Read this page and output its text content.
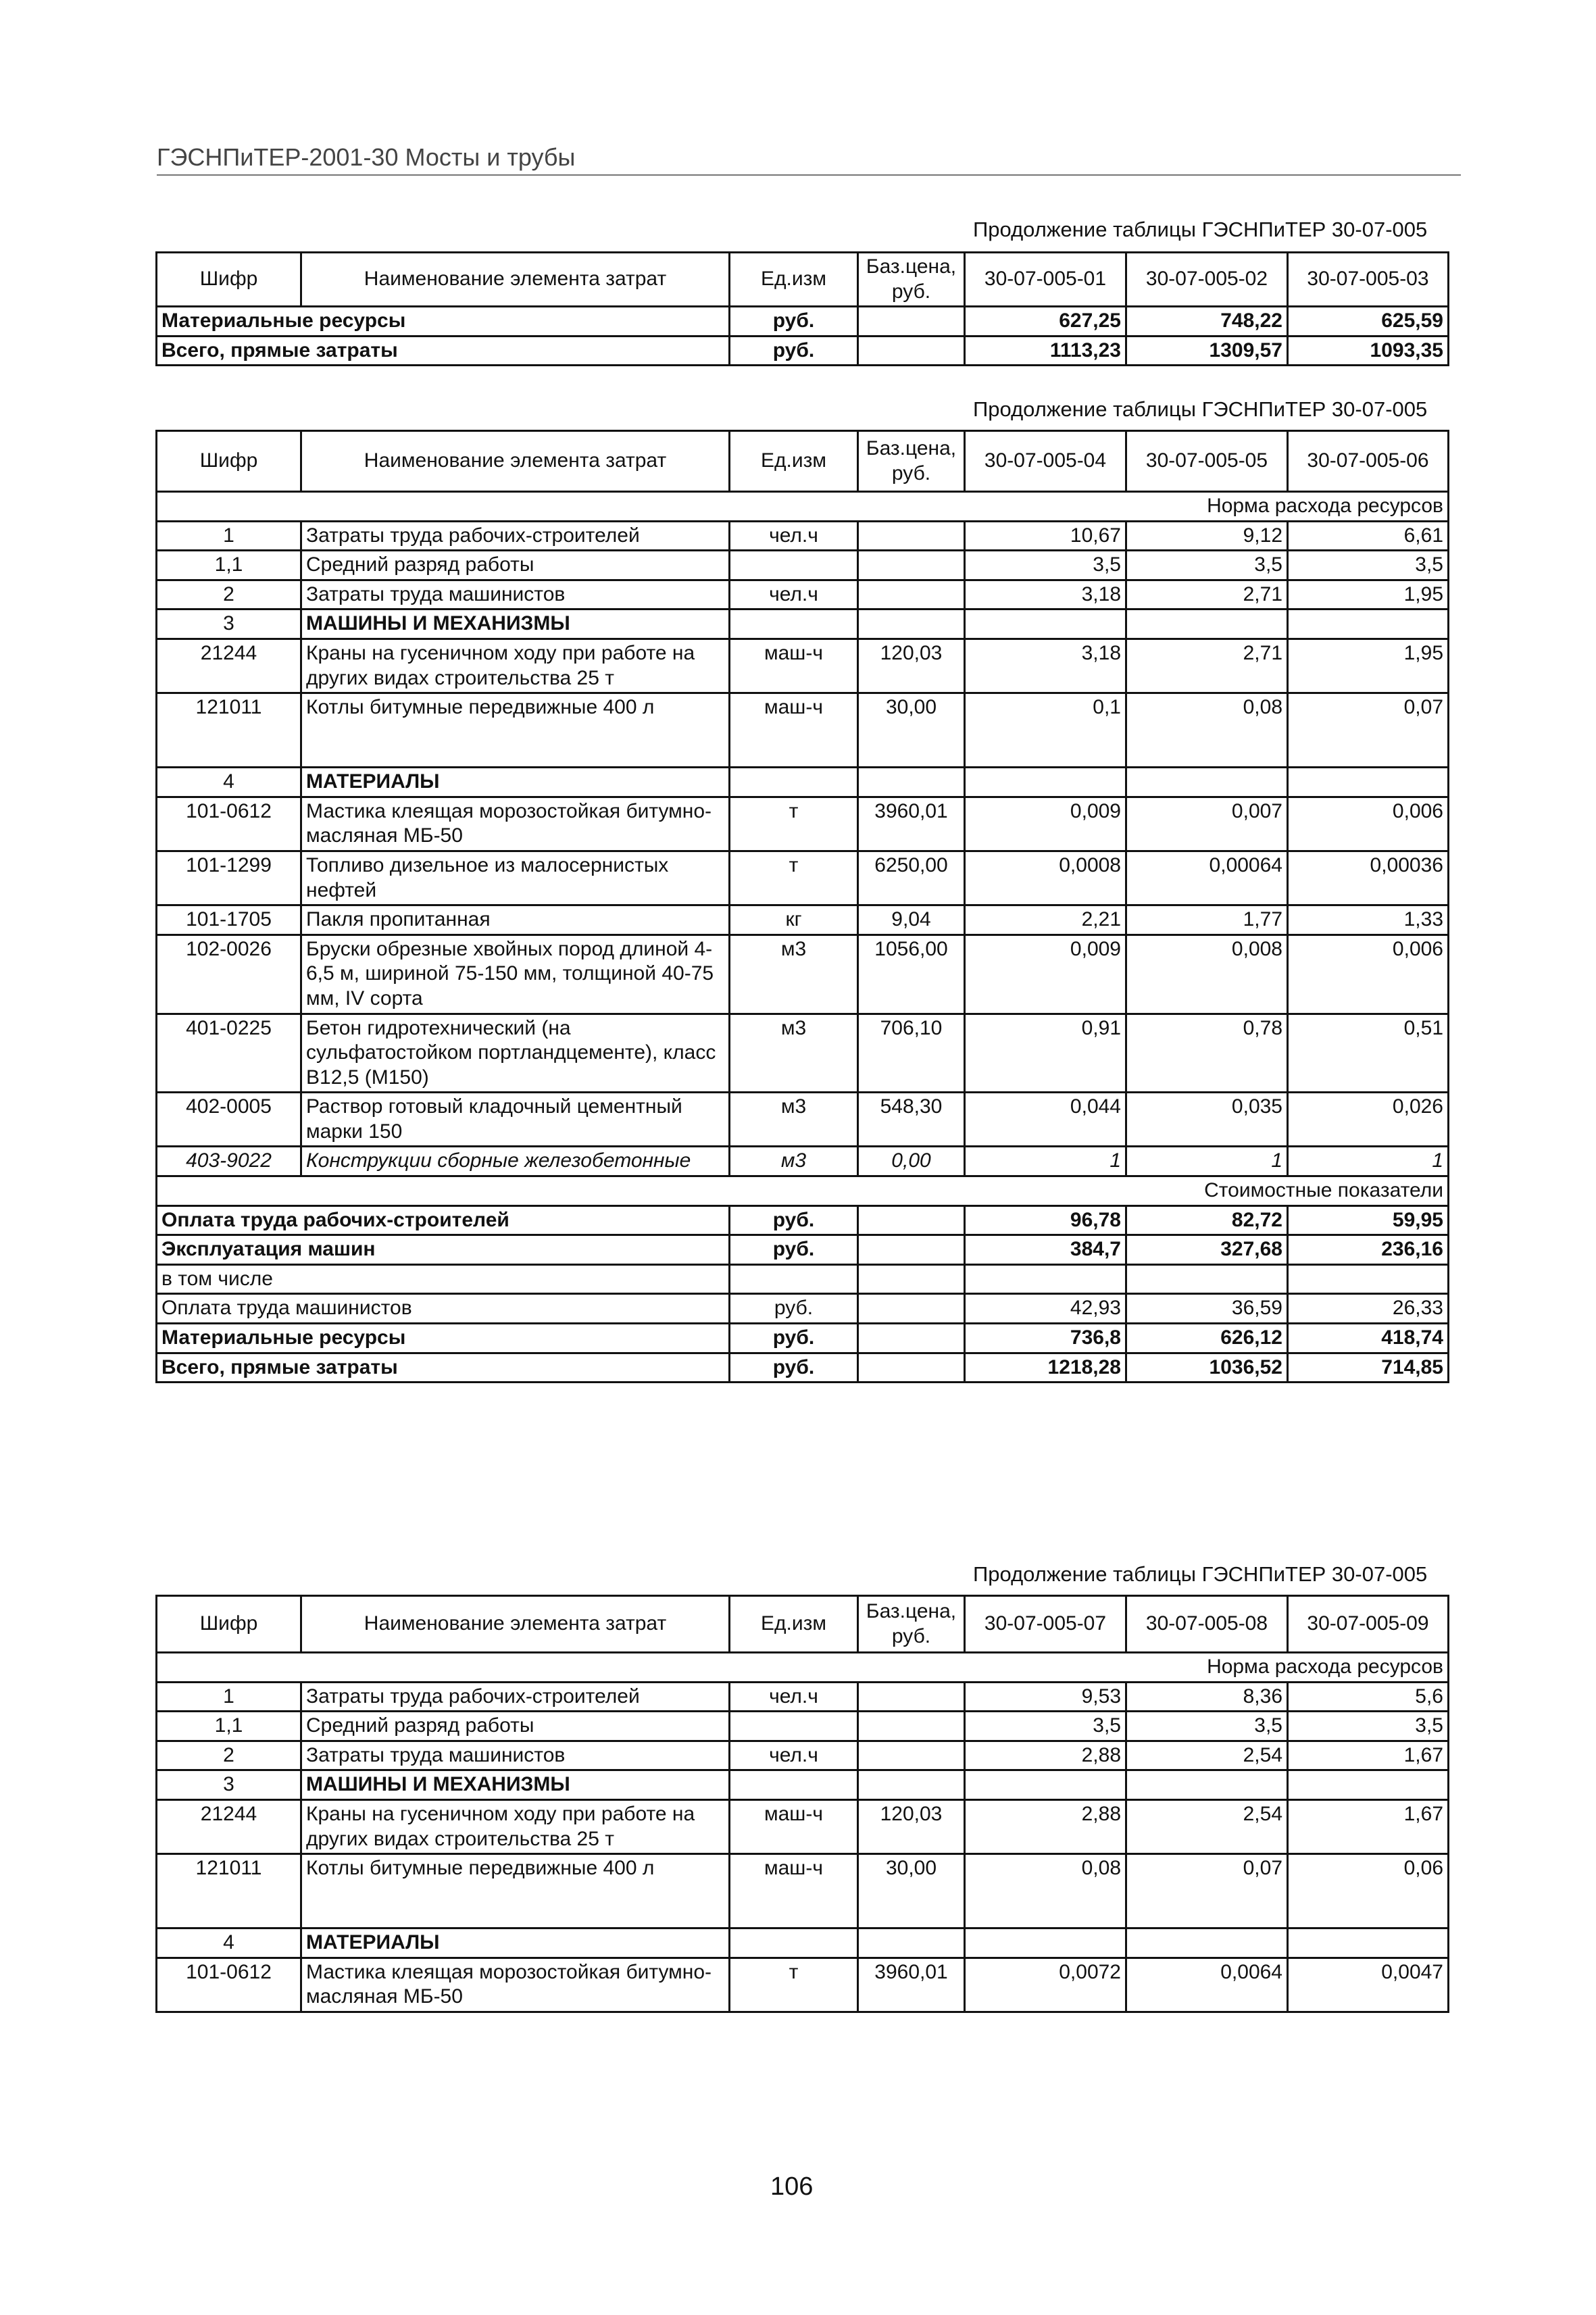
ГЭСНПиТЕР-2001-30 Мосты и трубы
Продолжение таблицы ГЭСНПиТЕР 30-07-005
Шифр	Наименование элемента затрат	Ед.изм	Баз.цена, руб.	30-07-005-01	30-07-005-02	30-07-005-03
Материальные ресурсы		руб.		627,25	748,22	625,59
Всего, прямые затраты		руб.		1113,23	1309,57	1093,35
Продолжение таблицы ГЭСНПиТЕР 30-07-005
Шифр	Наименование элемента затрат	Ед.изм	Баз.цена, руб.	30-07-005-04	30-07-005-05	30-07-005-06
Норма расхода ресурсов						
1	Затраты труда рабочих-строителей	чел.ч		10,67	9,12	6,61
1,1	Средний разряд работы			3,5	3,5	3,5
2	Затраты труда машинистов	чел.ч		3,18	2,71	1,95
3	МАШИНЫ И МЕХАНИЗМЫ					
21244	Краны на гусеничном ходу при работе на других видах строительства 25 т	маш-ч	120,03	3,18	2,71	1,95
121011	Котлы битумные передвижные 400 л	маш-ч	30,00	0,1	0,08	0,07
4	МАТЕРИАЛЫ					
101-0612	Мастика клеящая морозостойкая битумно-масляная МБ-50	т	3960,01	0,009	0,007	0,006
101-1299	Топливо дизельное из малосернистых нефтей	т	6250,00	0,0008	0,00064	0,00036
101-1705	Пакля пропитанная	кг	9,04	2,21	1,77	1,33
102-0026	Бруски обрезные хвойных пород длиной 4-6,5 м, шириной 75-150 мм, толщиной 40-75 мм, IV сорта	м3	1056,00	0,009	0,008	0,006
401-0225	Бетон гидротехнический (на сульфатостойком портландцементе), класс В12,5 (М150)	м3	706,10	0,91	0,78	0,51
402-0005	Раствор готовый кладочный цементный марки 150	м3	548,30	0,044	0,035	0,026
403-9022	Конструкции сборные железобетонные	м3	0,00	1	1	1
Стоимостные показатели						
Оплата труда рабочих-строителей		руб.		96,78	82,72	59,95
Эксплуатация машин		руб.		384,7	327,68	236,16
в том числе						
Оплата труда машинистов		руб.		42,93	36,59	26,33
Материальные ресурсы		руб.		736,8	626,12	418,74
Всего, прямые затраты		руб.		1218,28	1036,52	714,85
Продолжение таблицы ГЭСНПиТЕР 30-07-005
Шифр	Наименование элемента затрат	Ед.изм	Баз.цена, руб.	30-07-005-07	30-07-005-08	30-07-005-09
Норма расхода ресурсов						
1	Затраты труда рабочих-строителей	чел.ч		9,53	8,36	5,6
1,1	Средний разряд работы			3,5	3,5	3,5
2	Затраты труда машинистов	чел.ч		2,88	2,54	1,67
3	МАШИНЫ И МЕХАНИЗМЫ					
21244	Краны на гусеничном ходу при работе на других видах строительства 25 т	маш-ч	120,03	2,88	2,54	1,67
121011	Котлы битумные передвижные 400 л	маш-ч	30,00	0,08	0,07	0,06
4	МАТЕРИАЛЫ					
101-0612	Мастика клеящая морозостойкая битумно-масляная МБ-50	т	3960,01	0,0072	0,0064	0,0047
106
